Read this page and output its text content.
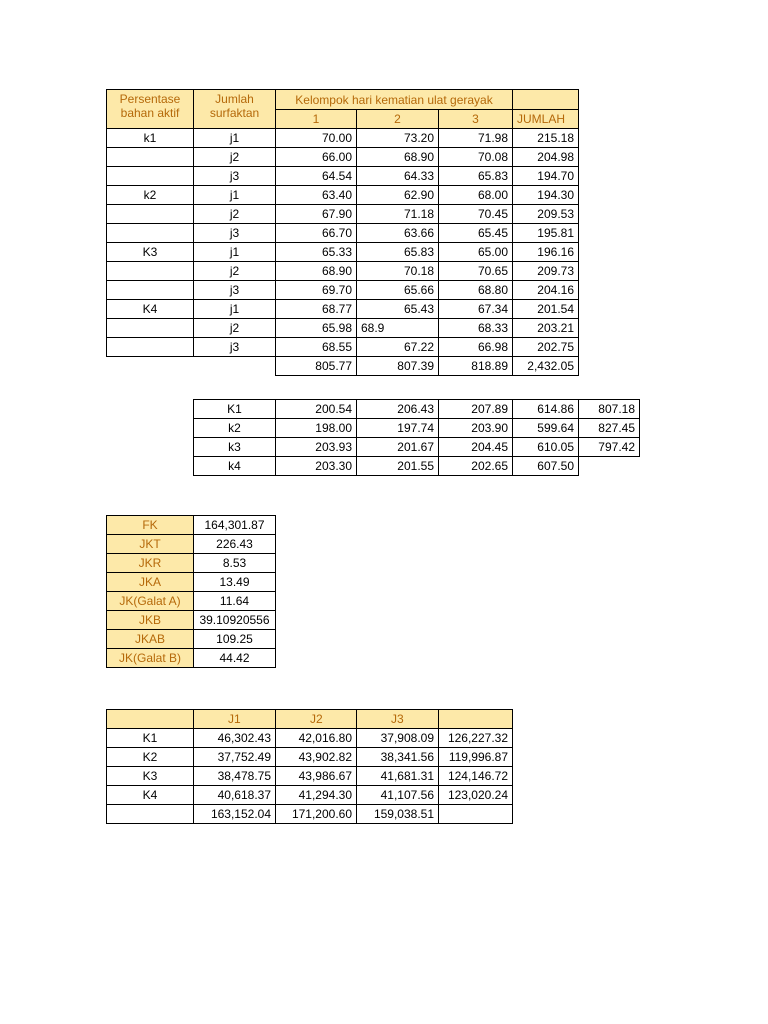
Persentase bahan aktif	Jumlah surfaktan	Kelompok hari kematian ulat gerayak			
		1	2	3	JUMLAH
k1	j1	70.00	73.20	71.98	215.18
	j2	66.00	68.90	70.08	204.98
	j3	64.54	64.33	65.83	194.70
k2	j1	63.40	62.90	68.00	194.30
	j2	67.90	71.18	70.45	209.53
	j3	66.70	63.66	65.45	195.81
K3	j1	65.33	65.83	65.00	196.16
	j2	68.90	70.18	70.65	209.73
	j3	69.70	65.66	68.80	204.16
K4	j1	68.77	65.43	67.34	201.54
	j2	65.98	68.9	68.33	203.21
	j3	68.55	67.22	66.98	202.75
		805.77	807.39	818.89	2,432.05
K1	200.54	206.43	207.89	614.86	807.18
k2	198.00	197.74	203.90	599.64	827.45
k3	203.93	201.67	204.45	610.05	797.42
k4	203.30	201.55	202.65	607.50	
FK	164,301.87
JKT	226.43
JKR	8.53
JKA	13.49
JK(Galat A)	11.64
JKB	39.10920556
JKAB	109.25
JK(Galat B)	44.42
	J1	J2	J3	
K1	46,302.43	42,016.80	37,908.09	126,227.32
K2	37,752.49	43,902.82	38,341.56	119,996.87
K3	38,478.75	43,986.67	41,681.31	124,146.72
K4	40,618.37	41,294.30	41,107.56	123,020.24
	163,152.04	171,200.60	159,038.51	
